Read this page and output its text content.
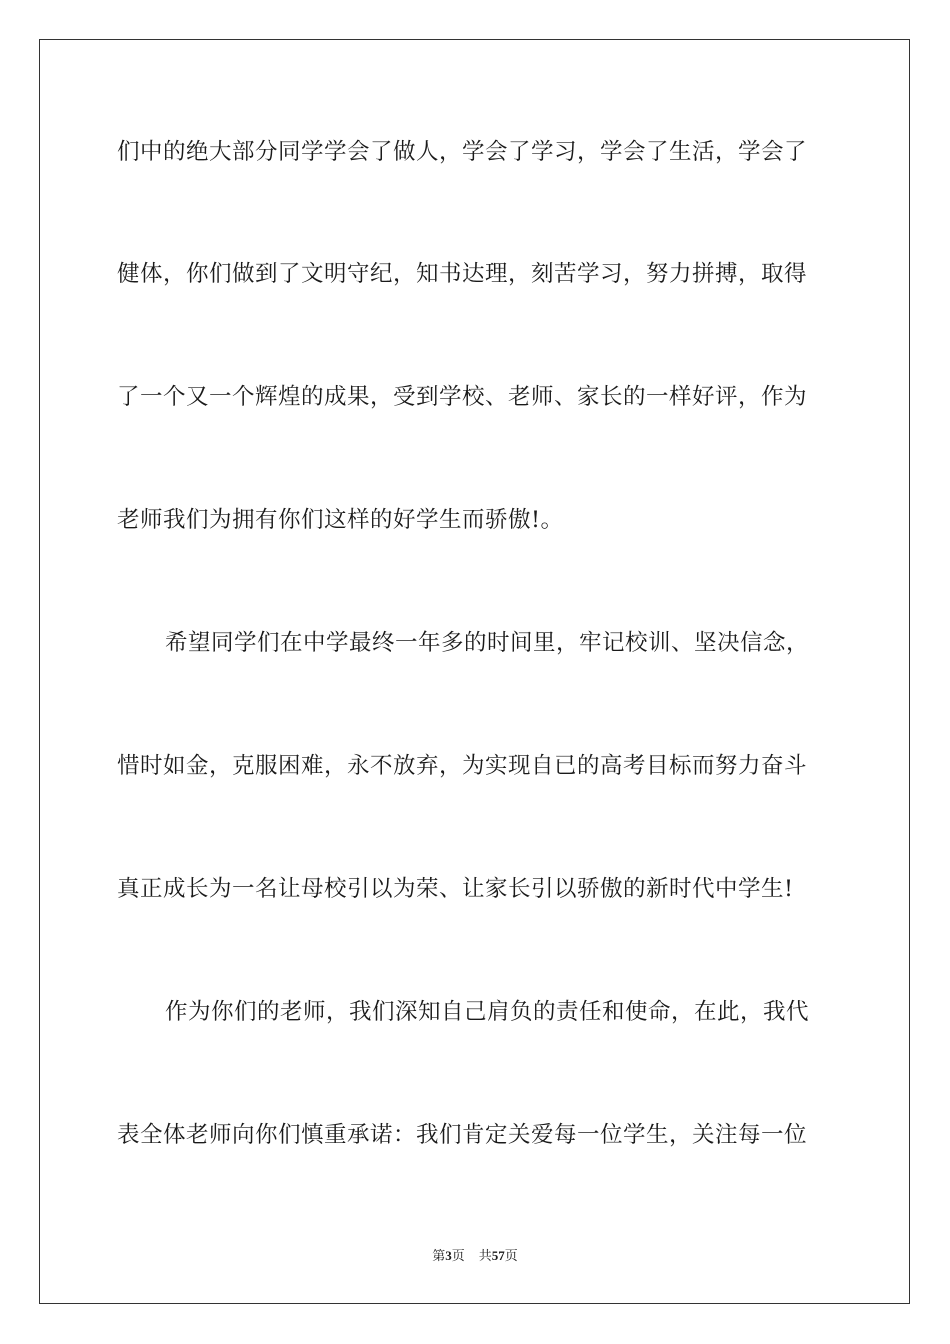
们中的绝大部分同学学会了做人，学会了学习，学会了生活，学会了
健体，你们做到了文明守纪，知书达理，刻苦学习，努力拼搏，取得
了一个又一个辉煌的成果，受到学校、老师、家长的一样好评，作为
老师我们为拥有你们这样的好学生而骄傲!。
希望同学们在中学最终一年多的时间里，牢记校训、坚决信念，
惜时如金，克服困难，永不放弃，为实现自已的高考目标而努力奋斗
真正成长为一名让母校引以为荣、让家长引以骄傲的新时代中学生!
作为你们的老师，我们深知自己肩负的责任和使命，在此，我代
表全体老师向你们慎重承诺：我们肯定关爱每一位学生，关注每一位
第3页 共57页
